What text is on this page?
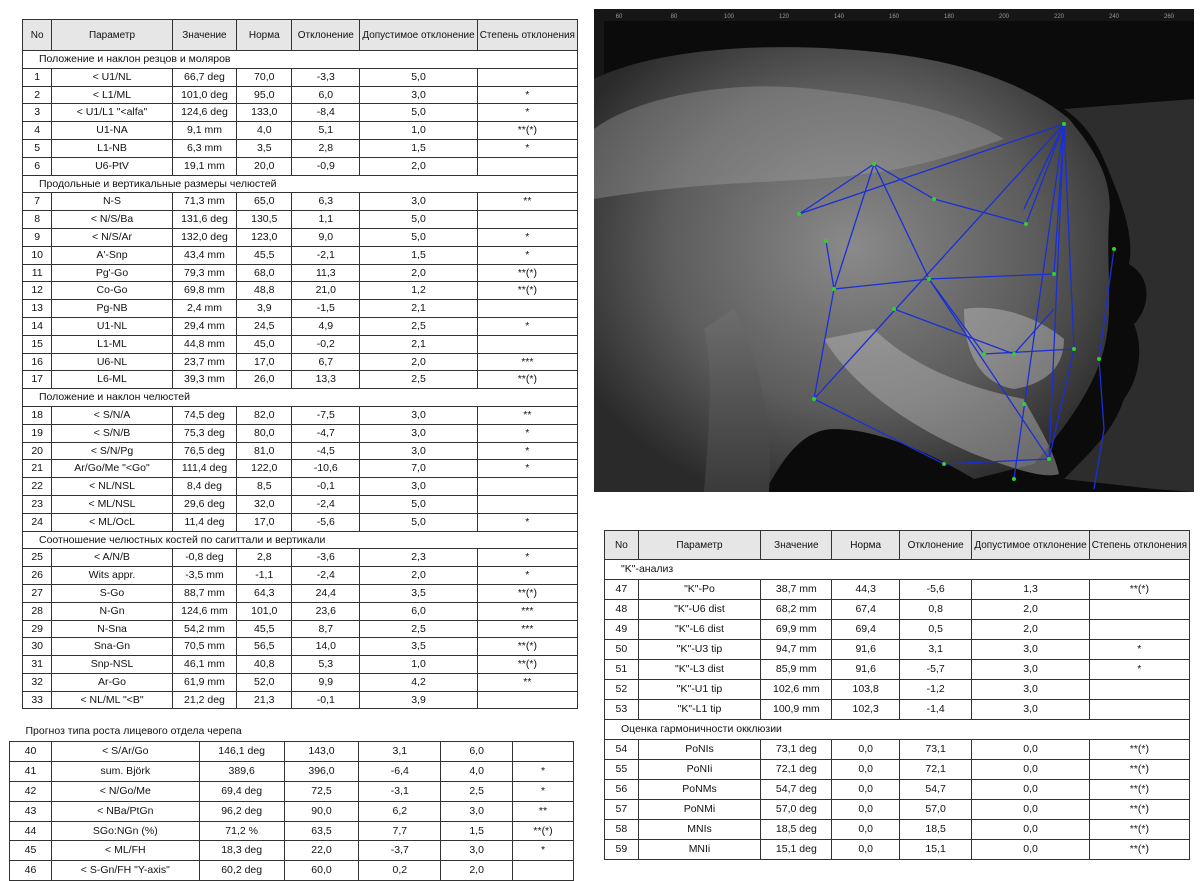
No	Параметр	Значение	Норма	Отклонение	Допустимое отклонение	Степень отклонения
Положение и наклон резцов и моляров						
1	< U1/NL	66,7 deg	70,0	-3,3	5,0	
2	< L1/ML	101,0 deg	95,0	6,0	3,0	*
3	< U1/L1 "<alfa"	124,6 deg	133,0	-8,4	5,0	*
4	U1-NA	9,1 mm	4,0	5,1	1,0	**(*)
5	L1-NB	6,3 mm	3,5	2,8	1,5	*
6	U6-PtV	19,1 mm	20,0	-0,9	2,0	
Продольные и вертикальные размеры челюстей						
7	N-S	71,3 mm	65,0	6,3	3,0	**
8	< N/S/Ba	131,6 deg	130,5	1,1	5,0	
9	< N/S/Ar	132,0 deg	123,0	9,0	5,0	*
10	A'-Snp	43,4 mm	45,5	-2,1	1,5	*
11	Pg'-Go	79,3 mm	68,0	11,3	2,0	**(*)
12	Co-Go	69,8 mm	48,8	21,0	1,2	**(*)
13	Pg-NB	2,4 mm	3,9	-1,5	2,1	
14	U1-NL	29,4 mm	24,5	4,9	2,5	*
15	L1-ML	44,8 mm	45,0	-0,2	2,1	
16	U6-NL	23,7 mm	17,0	6,7	2,0	***
17	L6-ML	39,3 mm	26,0	13,3	2,5	**(*)
Положение и наклон челюстей						
18	< S/N/A	74,5 deg	82,0	-7,5	3,0	**
19	< S/N/B	75,3 deg	80,0	-4,7	3,0	*
20	< S/N/Pg	76,5 deg	81,0	-4,5	3,0	*
21	Ar/Go/Me "<Go"	111,4 deg	122,0	-10,6	7,0	*
22	< NL/NSL	8,4 deg	8,5	-0,1	3,0	
23	< ML/NSL	29,6 deg	32,0	-2,4	5,0	
24	< ML/OcL	11,4 deg	17,0	-5,6	5,0	*
Соотношение челюстных костей по сагиттали и вертикали						
25	< A/N/B	-0,8 deg	2,8	-3,6	2,3	*
26	Wits appr.	-3,5 mm	-1,1	-2,4	2,0	*
27	S-Go	88,7 mm	64,3	24,4	3,5	**(*)
28	N-Gn	124,6 mm	101,0	23,6	6,0	***
29	N-Sna	54,2 mm	45,5	8,7	2,5	***
30	Sna-Gn	70,5 mm	56,5	14,0	3,5	**(*)
31	Snp-NSL	46,1 mm	40,8	5,3	1,0	**(*)
32	Ar-Go	61,9 mm	52,0	9,9	4,2	**
33	< NL/ML "<B"	21,2 deg	21,3	-0,1	3,9	
Прогноз типа роста лицевого отдела черепа						
40	< S/Ar/Go	146,1 deg	143,0	3,1	6,0	
41	sum. Björk	389,6	396,0	-6,4	4,0	*
42	< N/Go/Me	69,4 deg	72,5	-3,1	2,5	*
43	< NBa/PtGn	96,2 deg	90,0	6,2	3,0	**
44	SGo:NGn (%)	71,2 %	63,5	7,7	1,5	**(*)
45	< ML/FH	18,3 deg	22,0	-3,7	3,0	*
46	< S-Gn/FH "Y-axis"	60,2 deg	60,0	0,2	2,0	
No	Параметр	Значение	Норма	Отклонение	Допустимое отклонение	Степень отклонения
"K"-анализ						
47	"K"-Po	38,7 mm	44,3	-5,6	1,3	**(*)
48	"K"-U6 dist	68,2 mm	67,4	0,8	2,0	
49	"K"-L6 dist	69,9 mm	69,4	0,5	2,0	
50	"K"-U3 tip	94,7 mm	91,6	3,1	3,0	*
51	"K"-L3 dist	85,9 mm	91,6	-5,7	3,0	*
52	"K"-U1 tip	102,6 mm	103,8	-1,2	3,0	
53	"K"-L1 tip	100,9 mm	102,3	-1,4	3,0	
Оценка гармоничности окклюзии						
54	PoNIs	73,1 deg	0,0	73,1	0,0	**(*)
55	PoNIi	72,1 deg	0,0	72,1	0,0	**(*)
56	PoNMs	54,7 deg	0,0	54,7	0,0	**(*)
57	PoNMi	57,0 deg	0,0	57,0	0,0	**(*)
58	MNIs	18,5 deg	0,0	18,5	0,0	**(*)
59	MNIi	15,1 deg	0,0	15,1	0,0	**(*)
60	80	100	120	140	160	180	200	220	240	260
